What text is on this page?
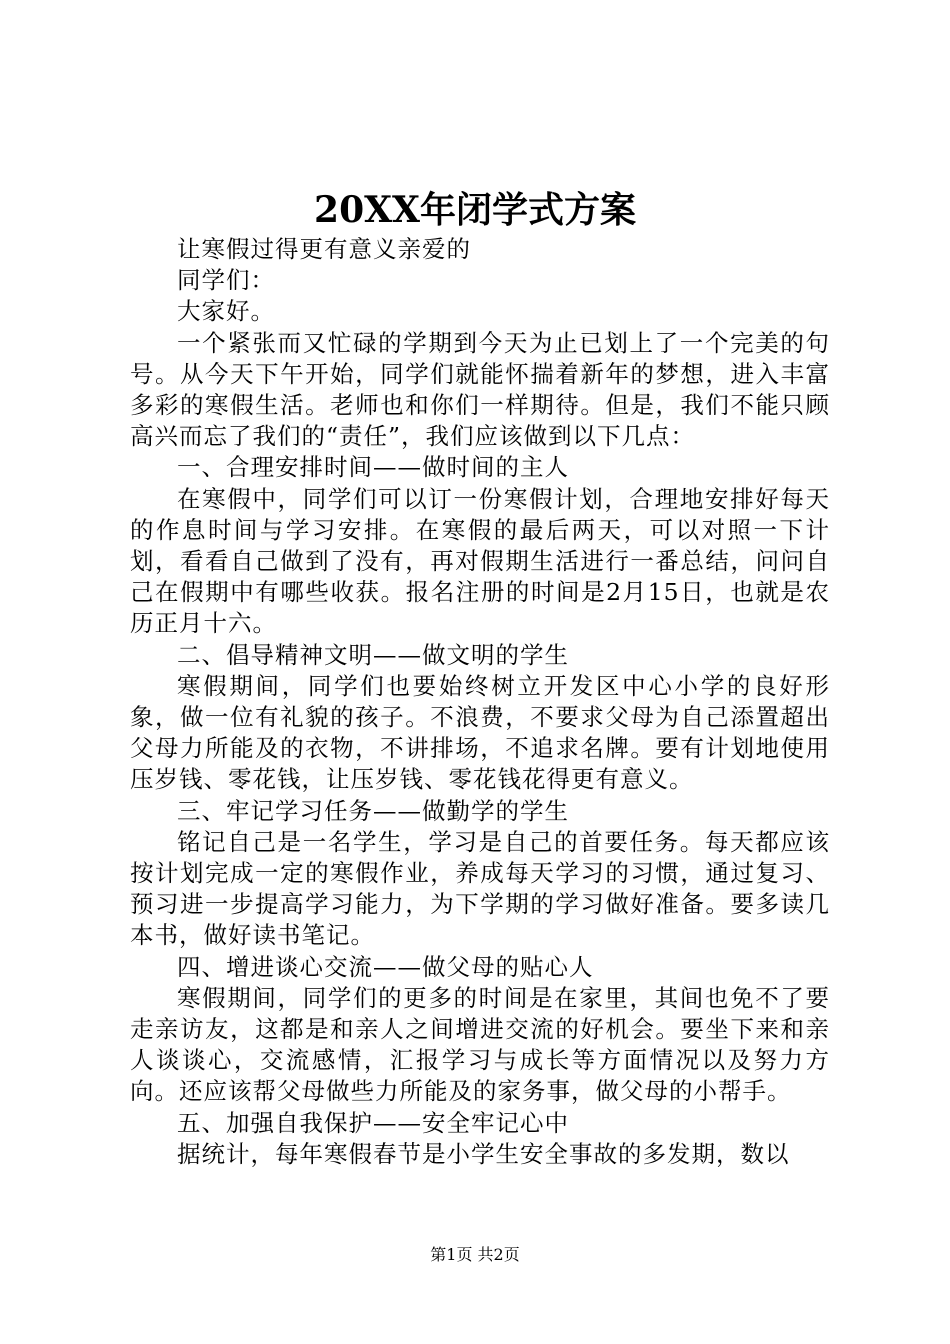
20XX年闭学式方案

让寒假过得更有意义亲爱的

同学们：

大家好。

一个紧张而又忙碌的学期到今天为止已划上了一个完美的句号。从今天下午开始，同学们就能怀揣着新年的梦想，进入丰富多彩的寒假生活。老师也和你们一样期待。但是，我们不能只顾高兴而忘了我们的“责任”，我们应该做到以下几点：

一、合理安排时间——做时间的主人

在寒假中，同学们可以订一份寒假计划，合理地安排好每天的作息时间与学习安排。在寒假的最后两天，可以对照一下计划，看看自己做到了没有，再对假期生活进行一番总结，问问自己在假期中有哪些收获。报名注册的时间是2月15日，也就是农历正月十六。

二、倡导精神文明——做文明的学生

寒假期间，同学们也要始终树立开发区中心小学的良好形象，做一位有礼貌的孩子。不浪费，不要求父母为自己添置超出父母力所能及的衣物，不讲排场，不追求名牌。要有计划地使用压岁钱、零花钱，让压岁钱、零花钱花得更有意义。

三、牢记学习任务——做勤学的学生

铭记自己是一名学生，学习是自己的首要任务。每天都应该按计划完成一定的寒假作业，养成每天学习的习惯，通过复习、预习进一步提高学习能力，为下学期的学习做好准备。要多读几本书，做好读书笔记。

四、增进谈心交流——做父母的贴心人

寒假期间，同学们的更多的时间是在家里，其间也免不了要走亲访友，这都是和亲人之间增进交流的好机会。要坐下来和亲人谈谈心，交流感情，汇报学习与成长等方面情况以及努力方向。还应该帮父母做些力所能及的家务事，做父母的小帮手。

五、加强自我保护——安全牢记心中

据统计，每年寒假春节是小学生安全事故的多发期，数以

第1页 共2页
